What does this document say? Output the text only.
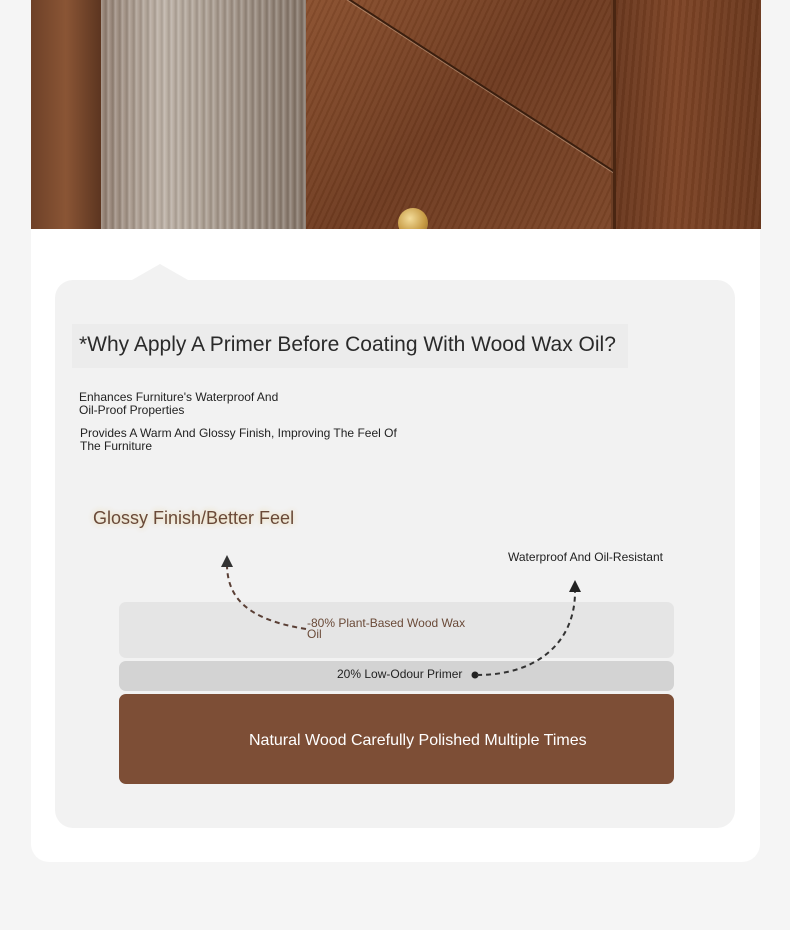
*Why Apply A Primer Before Coating With Wood Wax Oil?
Enhances Furniture's Waterproof And Oil-Proof Properties
Provides A Warm And Glossy Finish, Improving The Feel Of The Furniture
Glossy Finish/Better Feel
Waterproof And Oil-Resistant
-80% Plant-Based Wood Wax Oil
20% Low-Odour Primer
Natural Wood Carefully Polished Multiple Times
